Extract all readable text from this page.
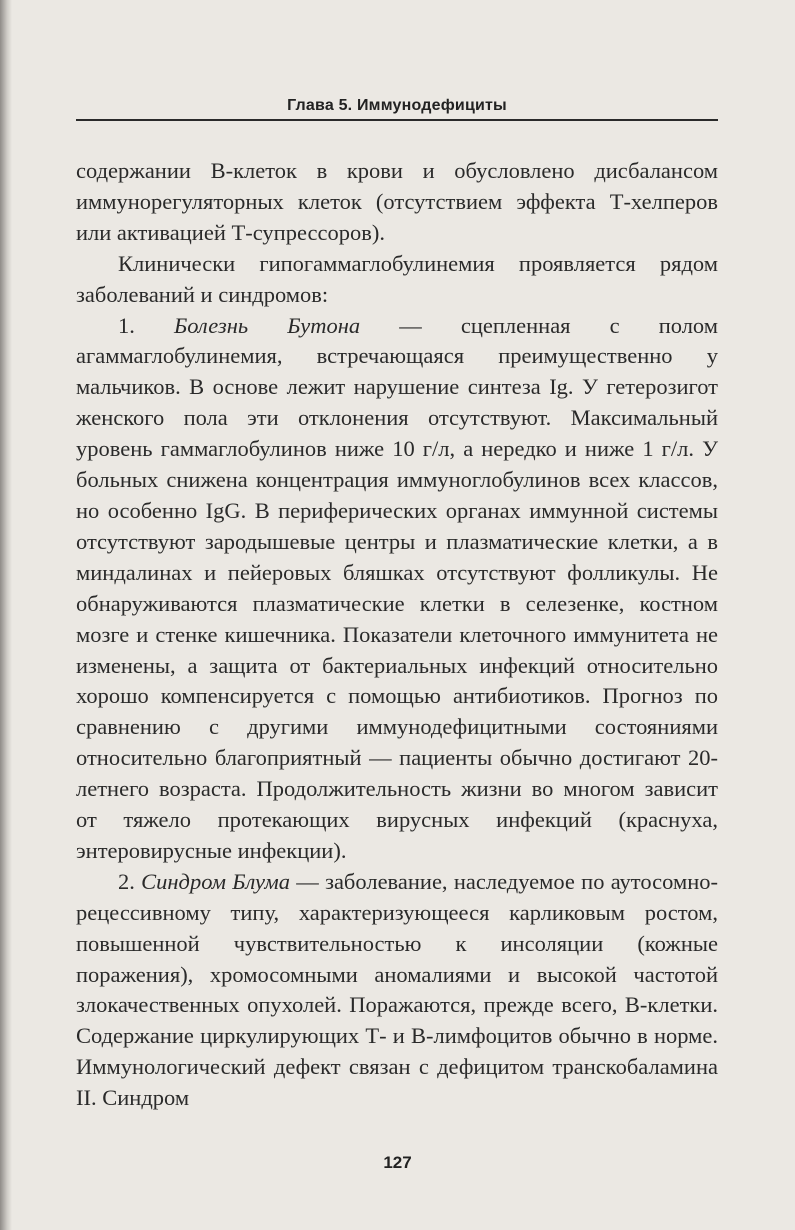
Глава 5. Иммунодефициты

содержании В-клеток в крови и обусловлено дисбалансом иммунорегуляторных клеток (отсутствием эффекта Т-хелперов или активацией Т-супрессоров).

Клинически гипогаммаглобулинемия проявляется рядом заболеваний и синдромов:

1. Болезнь Бутона — сцепленная с полом агаммаглобулинемия, встречающаяся преимущественно у мальчиков. В основе лежит нарушение синтеза Ig. У гетерозигот женского пола эти отклонения отсутствуют. Максимальный уровень гаммаглобулинов ниже 10 г/л, а нередко и ниже 1 г/л. У больных снижена концентрация иммуноглобулинов всех классов, но особенно IgG. В периферических органах иммунной системы отсутствуют зародышевые центры и плазматические клетки, а в миндалинах и пейеровых бляшках отсутствуют фолликулы. Не обнаруживаются плазматические клетки в селезенке, костном мозге и стенке кишечника. Показатели клеточного иммунитета не изменены, а защита от бактериальных инфекций относительно хорошо компенсируется с помощью антибиотиков. Прогноз по сравнению с другими иммунодефицитными состояниями относительно благоприятный — пациенты обычно достигают 20-летнего возраста. Продолжительность жизни во многом зависит от тяжело протекающих вирусных инфекций (краснуха, энтеровирусные инфекции).

2. Синдром Блума — заболевание, наследуемое по аутосомно-рецессивному типу, характеризующееся карликовым ростом, повышенной чувствительностью к инсоляции (кожные поражения), хромосомными аномалиями и высокой частотой злокачественных опухолей. Поражаются, прежде всего, В-клетки. Содержание циркулирующих Т- и В-лимфоцитов обычно в норме. Иммунологический дефект связан с дефицитом транскобаламина II. Синдром

127
